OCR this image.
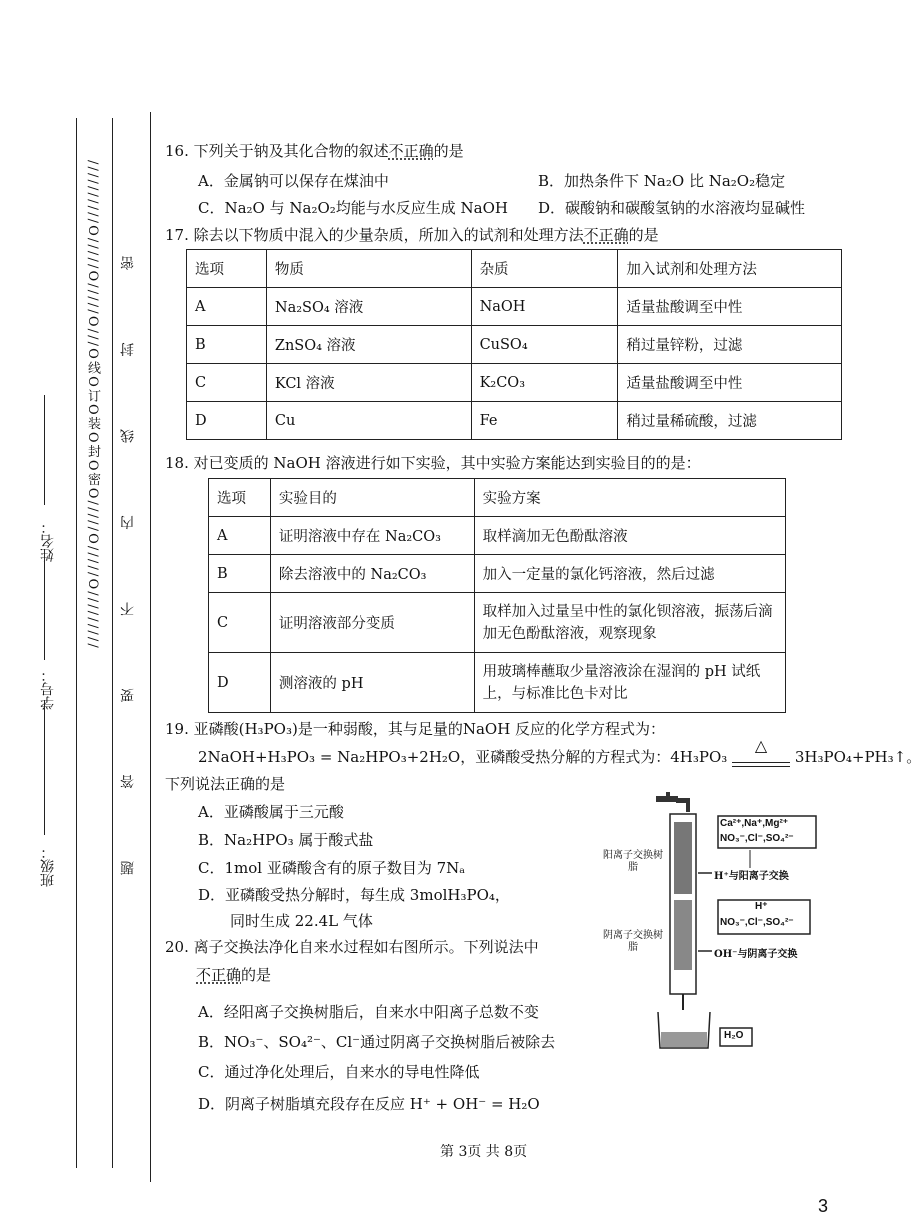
/ / / / / / / / / / O / / / / / O / / / / / O / / / O 线 O 订 O 装 O 封 O 密 O / / / / / O / / / / / O / / / / / / / / / 题 答 要 不 内 线 封 密
姓名：
学号：
班级：
16. 下列关于钠及其化合物的叙述不正确的是
A．金属钠可以保存在煤油中	B．加热条件下 Na₂O 比 Na₂O₂稳定
C．Na₂O 与 Na₂O₂均能与水反应生成 NaOH D．碳酸钠和碳酸氢钠的水溶液均显碱性
17. 除去以下物质中混入的少量杂质，所加入的试剂和处理方法不正确的是
选项	物质	杂质	加入试剂和处理方法
A	Na₂SO₄ 溶液	NaOH	适量盐酸调至中性
B	ZnSO₄ 溶液	CuSO₄	稍过量锌粉，过滤
C	KCl 溶液	K₂CO₃	适量盐酸调至中性
D	Cu	Fe	稍过量稀硫酸，过滤
18. 对已变质的 NaOH 溶液进行如下实验，其中实验方案能达到实验目的的是：
选项	实验目的	实验方案
A	证明溶液中存在 Na₂CO₃	取样滴加无色酚酞溶液
B	除去溶液中的 Na₂CO₃	加入一定量的氯化钙溶液，然后过滤
C	证明溶液部分变质	取样加入过量呈中性的氯化钡溶液，振荡后滴加无色酚酞溶液，观察现象
D	测溶液的 pH	用玻璃棒蘸取少量溶液涂在湿润的 pH 试纸上，与标准比色卡对比
19. 亚磷酸(H₃PO₃)是一种弱酸，其与足量的NaOH 反应的化学方程式为：
2NaOH+H₃PO₃ = Na₂HPO₃+2H₂O，亚磷酸受热分解的方程式为：4H₃PO₃
△
3H₃PO₄+PH₃↑。
下列说法正确的是
A．亚磷酸属于三元酸
B．Na₂HPO₃ 属于酸式盐
C．1mol 亚磷酸含有的原子数目为 7Nₐ
D．亚磷酸受热分解时，每生成 3molH₃PO₄，
同时生成 22.4L 气体
20. 离子交换法净化自来水过程如右图所示。下列说法中
不正确的是
A．经阳离子交换树脂后，自来水中阳离子总数不变
B．NO₃⁻、SO₄²⁻、Cl⁻通过阴离子交换树脂后被除去
C．通过净化处理后，自来水的导电性降低
D．阴离子树脂填充段存在反应 H⁺ + OH⁻ = H₂O
Ca²⁺,Na⁺,Mg²⁺
NO₃⁻,Cl⁻,SO₄²⁻
阳离子交换树脂
H⁺与阳离子交换
H⁺
NO₃⁻,Cl⁻,SO₄²⁻
阴离子交换树脂
OH⁻与阴离子交换
H₂O
第 3页 共 8页
3
